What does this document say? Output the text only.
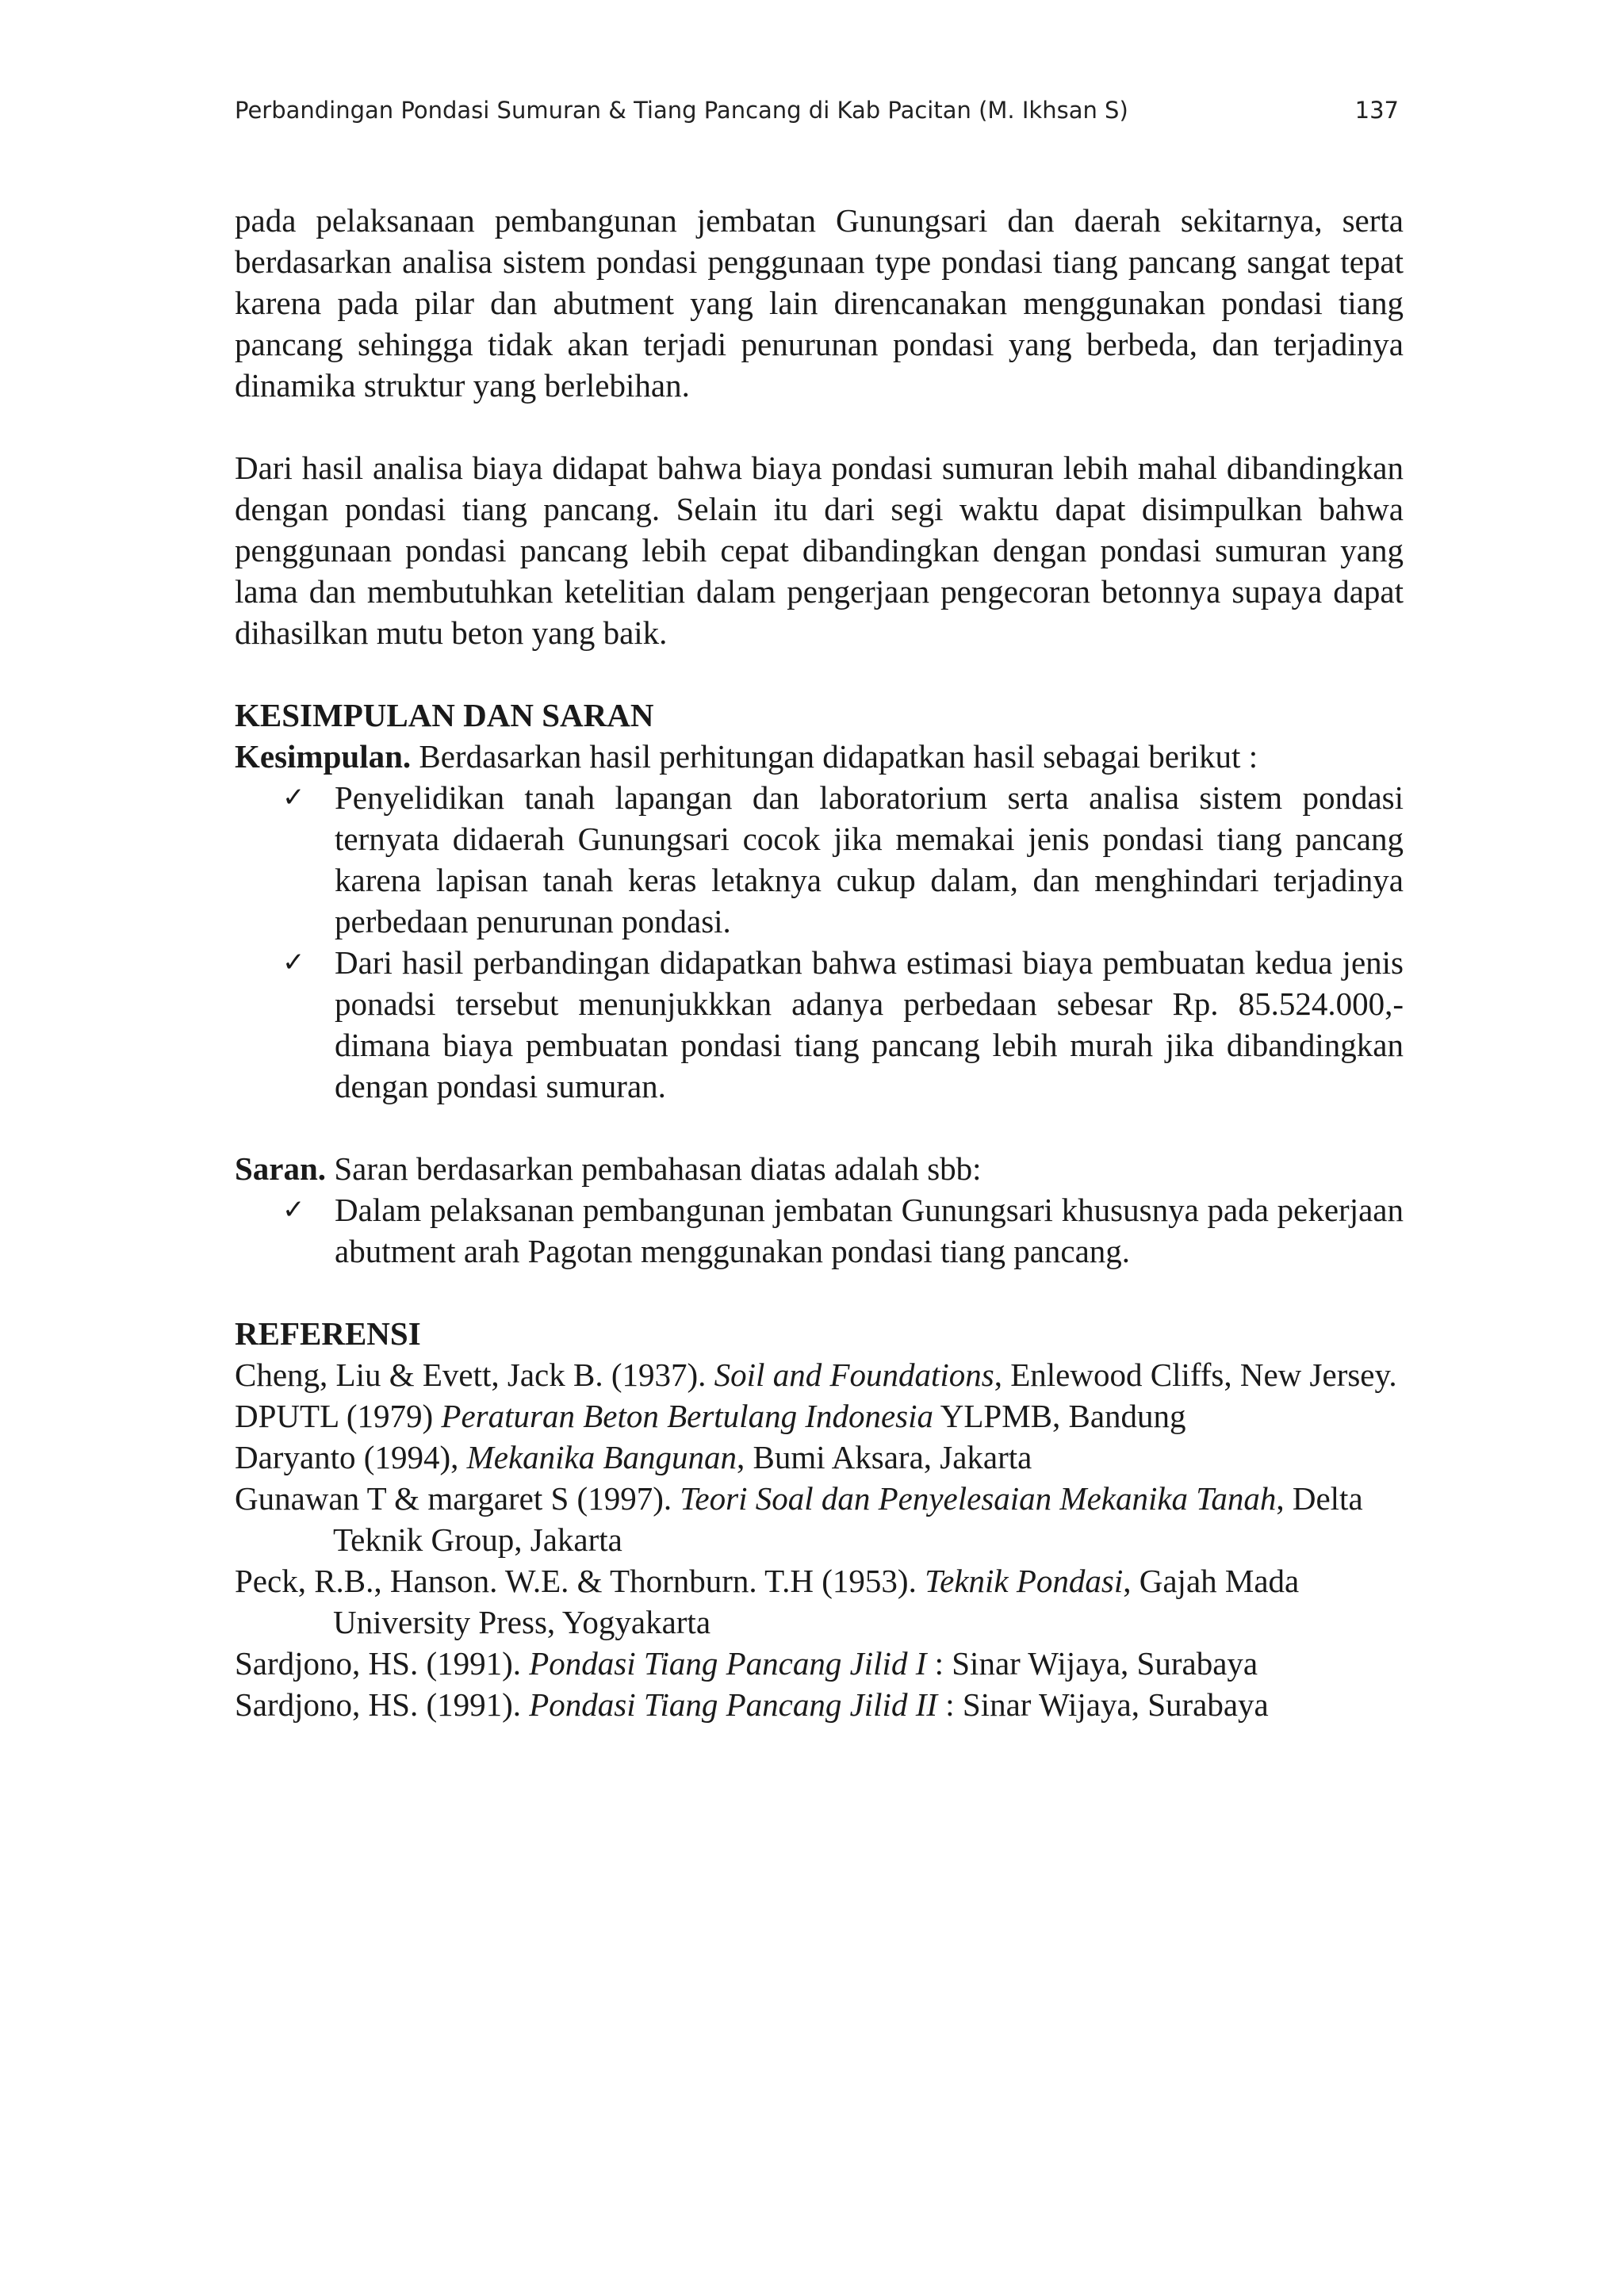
Perbandingan Pondasi Sumuran & Tiang Pancang di Kab Pacitan (M. Ikhsan S)	137

pada pelaksanaan pembangunan jembatan Gunungsari dan daerah sekitarnya, serta berdasarkan analisa sistem pondasi penggunaan type pondasi tiang pancang sangat tepat karena pada pilar dan abutment yang lain direncanakan menggunakan pondasi tiang pancang sehingga tidak akan terjadi penurunan pondasi yang berbeda, dan terjadinya dinamika struktur yang berlebihan.

Dari hasil analisa biaya didapat bahwa biaya pondasi sumuran lebih mahal dibandingkan dengan pondasi tiang pancang. Selain itu dari segi waktu dapat disimpulkan bahwa penggunaan pondasi pancang lebih cepat dibandingkan dengan pondasi sumuran yang lama dan membutuhkan ketelitian dalam pengerjaan pengecoran betonnya supaya dapat dihasilkan mutu beton yang baik.

KESIMPULAN DAN SARAN

Kesimpulan. Berdasarkan hasil perhitungan didapatkan hasil sebagai berikut :

✓ Penyelidikan tanah lapangan dan laboratorium serta analisa sistem pondasi ternyata didaerah Gunungsari cocok jika memakai jenis pondasi tiang pancang karena lapisan tanah keras letaknya cukup dalam, dan menghindari terjadinya perbedaan penurunan pondasi.
✓ Dari hasil perbandingan didapatkan bahwa estimasi biaya pembuatan kedua jenis ponadsi tersebut menunjukkkan adanya perbedaan sebesar Rp. 85.524.000,- dimana biaya pembuatan pondasi tiang pancang lebih murah jika dibandingkan dengan pondasi sumuran.

Saran. Saran berdasarkan pembahasan diatas adalah sbb:

✓ Dalam pelaksanan pembangunan jembatan Gunungsari khususnya pada pekerjaan abutment arah Pagotan menggunakan pondasi tiang pancang.

REFERENSI

Cheng, Liu & Evett, Jack B. (1937). Soil and Foundations, Enlewood Cliffs, New Jersey.
DPUTL (1979) Peraturan Beton Bertulang Indonesia YLPMB, Bandung
Daryanto (1994), Mekanika Bangunan, Bumi Aksara, Jakarta
Gunawan T & margaret S (1997). Teori Soal dan Penyelesaian Mekanika Tanah, Delta Teknik Group, Jakarta
Peck, R.B., Hanson. W.E. & Thornburn. T.H (1953). Teknik Pondasi, Gajah Mada University Press, Yogyakarta
Sardjono, HS. (1991). Pondasi Tiang Pancang Jilid I : Sinar Wijaya, Surabaya
Sardjono, HS. (1991). Pondasi Tiang Pancang Jilid II : Sinar Wijaya, Surabaya
